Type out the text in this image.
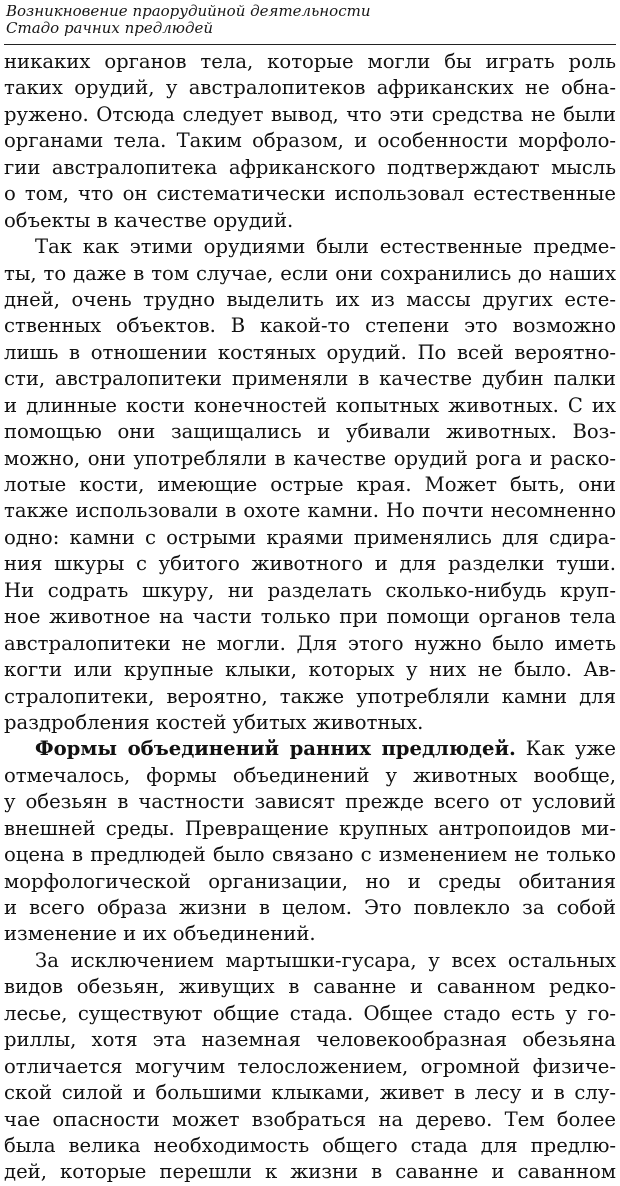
Возникновение праорудийной деятельности
Стадо рачних предлюдей
никаких органов тела, которые могли бы играть роль
таких орудий, у австралопитеков африканских не обна-
ружено. Отсюда следует вывод, что эти средства не были
органами тела. Таким образом, и особенности морфоло-
гии австралопитека африканского подтверждают мысль
о том, что он систематически использовал естественные
объекты в качестве орудий.
Так как этими орудиями были естественные предме-
ты, то даже в том случае, если они сохранились до наших
дней, очень трудно выделить их из массы других есте-
ственных объектов. В какой-то степени это возможно
лишь в отношении костяных орудий. По всей вероятно-
сти, австралопитеки применяли в качестве дубин палки
и длинные кости конечностей копытных животных. С их
помощью они защищались и убивали животных. Воз-
можно, они употребляли в качестве орудий рога и раско-
лотые кости, имеющие острые края. Может быть, они
также использовали в охоте камни. Но почти несомненно
одно: камни с острыми краями применялись для сдира-
ния шкуры с убитого животного и для разделки туши.
Ни содрать шкуру, ни разделать сколько-нибудь круп-
ное животное на части только при помощи органов тела
австралопитеки не могли. Для этого нужно было иметь
когти или крупные клыки, которых у них не было. Ав-
стралопитеки, вероятно, также употребляли камни для
раздробления костей убитых животных.
Формы объединений ранних предлюдей. Как уже
отмечалось, формы объединений у животных вообще,
у обезьян в частности зависят прежде всего от условий
внешней среды. Превращение крупных антропоидов ми-
оцена в предлюдей было связано с изменением не только
морфологической организации, но и среды обитания
и всего образа жизни в целом. Это повлекло за собой
изменение и их объединений.
За исключением мартышки-гусара, у всех остальных
видов обезьян, живущих в саванне и саванном редко-
лесье, существуют общие стада. Общее стадо есть у го-
риллы, хотя эта наземная человекообразная обезьяна
отличается могучим телосложением, огромной физиче-
ской силой и большими клыками, живет в лесу и в слу-
чае опасности может взобраться на дерево. Тем более
была велика необходимость общего стада для предлю-
дей, которые перешли к жизни в саванне и саванном
